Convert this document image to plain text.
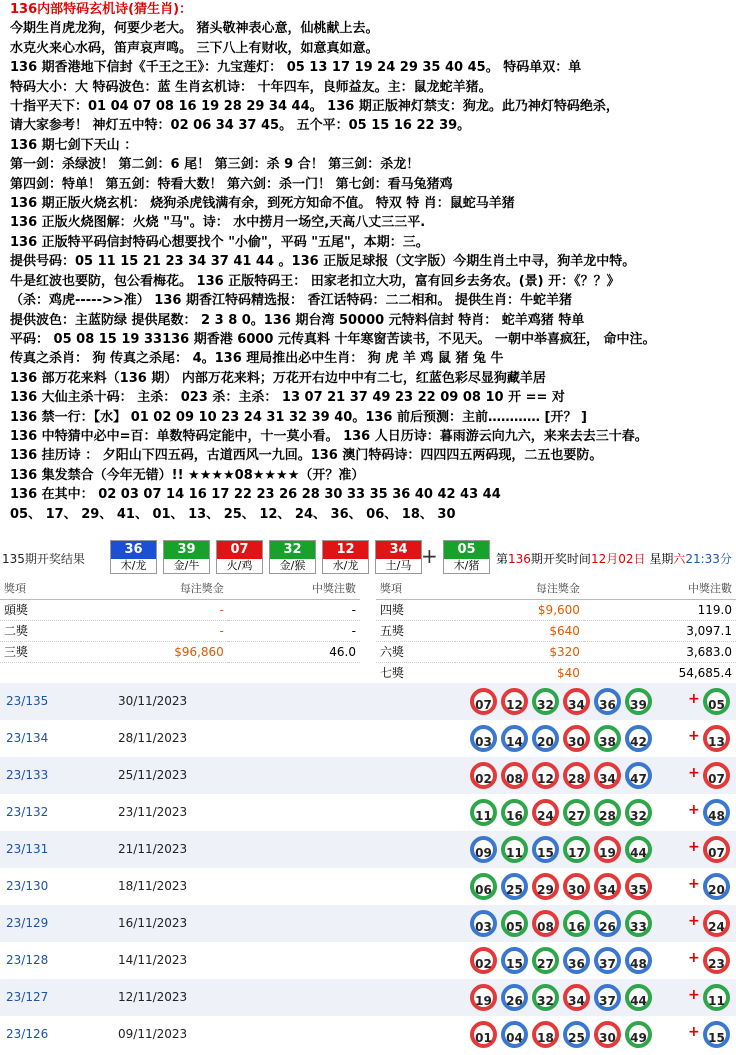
136内部特码玄机诗(猜生肖)：
今期生肖虎龙狗，何要少老大。 猪头敬神表心意，仙桃献上去。
水克火来心水码，笛声哀声鸣。 三下八上有财收，如意真如意。
136 期香港地下信封《千王之王》：九宝莲灯： 05 13 17 19 24 29 35 40 45。 特码单双：单
特码大小：大 特码波色：蓝 生肖玄机诗： 十年四车，良师益友。主：鼠龙蛇羊猪。
十指平天下：01 04 07 08 16 19 28 29 34 44。 136 期正版神灯禁支：狗龙。此乃神灯特码绝杀，
请大家参考！ 神灯五中特：02 06 34 37 45。 五个平：05 15 16 22 39。
136 期七剑下天山 ：
第一剑：杀绿波！ 第二剑：6 尾！ 第三剑：杀 9 合！ 第三剑：杀龙！
第四剑：特单！ 第五剑：特看大数！ 第六剑：杀一门！ 第七剑：看马兔猪鸡
136 期正版火烧玄机： 烧狗杀虎钱满有余，到死方知命不值。 特双 特 肖：鼠蛇马羊猪
136 正版火烧图解：火烧 "马"。诗： 水中捞月一场空,天高八丈三三平.
136 正版特平码信封特码心想要找个 "小偷"，平码 "五尾"，本期：三。
提供号码：05 11 15 21 23 34 37 41 44 。136 正版足球报（文字版）今期生肖土中寻，狗羊龙中特。
牛是红波也要防，包公看梅花。 136 正版特码王： 田家老扣立大功，富有回乡去务农。(景) 开：《？？》
（杀：鸡虎----->>准） 136 期香江特码精选报： 香江话特码：二二相和。 提供生肖：牛蛇羊猪
提供波色：主蓝防绿 提供尾数： 2 3 8 0。136 期台湾 50000 元特料信封 特肖： 蛇羊鸡猪 特单
平码： 05 08 15 19 33136 期香港 6000 元传真料 十年寒窗苦读书，不见天。 一朝中举喜疯狂， 命中注。
传真之杀肖： 狗 传真之杀尾： 4。136 理局推出必中生肖： 狗 虎 羊 鸡 鼠 猪 兔 牛
136 部万花来料（136 期） 内部万花来料；万花开右边中中有二七，红蓝色彩尽显狗藏羊居
136 大仙主杀十码： 主杀： 023 杀：主杀： 13 07 21 37 49 23 22 09 08 10 开 == 对
136 禁一行：【水】 01 02 09 10 23 24 31 32 39 40。136 前后预测：主前………… [开？ ]
136 中特猜中必中=百：单数特码定能中，十一莫小看。 136 人日历诗：暮雨游云向九六，来来去去三十春。
136 挂历诗 ： 夕阳山下四五码，古道西风一九回。136 澳门特码诗：四四四五两码现，二五也要防。
136 集发禁合（今年无错）!! ★★★★08★★★★（开？准）
136 在其中： 02 03 07 14 16 17 22 23 26 28 30 33 35 36 40 42 43 44
05、 17、 29、 41、 01、 13、 25、 12、 24、 36、 06、 18、 30
135期开奖结果
36
木/龙
39
金/牛
07
火/鸡
32
金/猴
12
水/龙
34
土/马
05
木/猪
+	第136期开奖时间12月02日 星期六21:33分
獎項	每注獎金	中獎注數
頭獎	-	-
二獎	-	-
三獎	$96,860	46.0
獎項	每注獎金	中獎注數
四獎	$9,600	119.0
五獎	$640	3,097.1
六獎	$320	3,683.0
七獎	$40	54,685.4
23/135	30/11/2023	07	12	32	34	36	39	+ 05
23/134	28/11/2023	03	14	20	30	38	42	+ 13
23/133	25/11/2023	02	08	12	28	34	47	+ 07
23/132	23/11/2023	11	16	24	27	28	32	+ 48
23/131	21/11/2023	09	11	15	17	19	44	+ 07
23/130	18/11/2023	06	25	29	30	34	35	+ 20
23/129	16/11/2023	03	05	08	16	26	33	+ 24
23/128	14/11/2023	02	15	27	36	37	48	+ 23
23/127	12/11/2023	19	26	32	34	37	44	+ 11
23/126	09/11/2023	01	04	18	25	30	49	+ 15
